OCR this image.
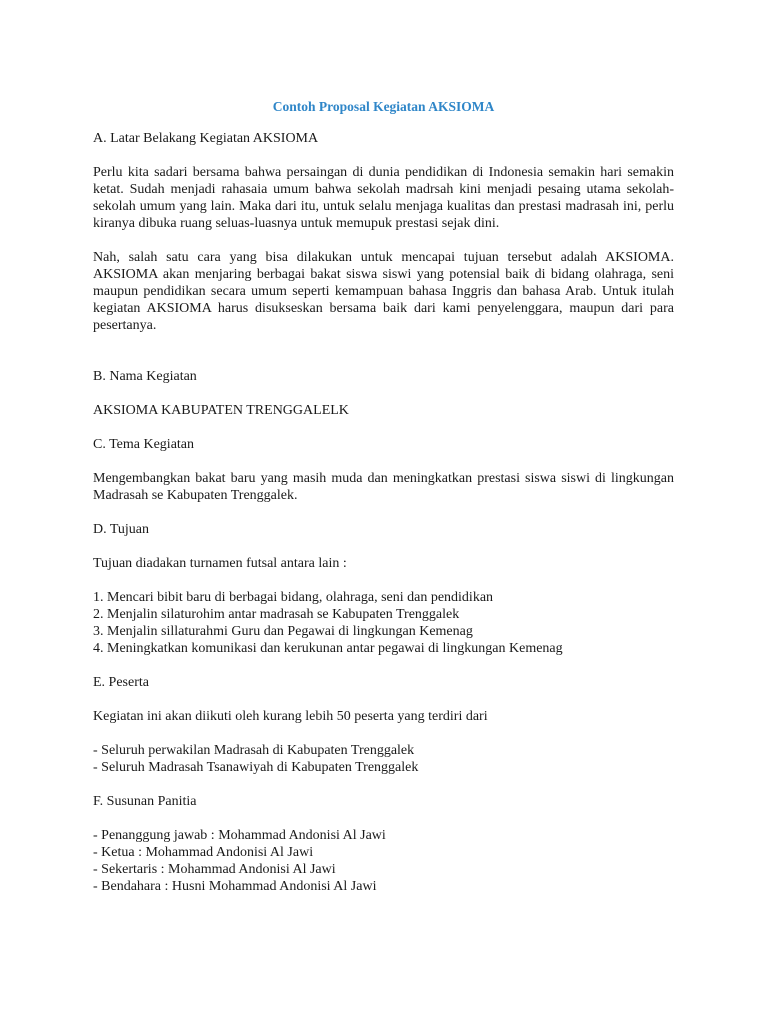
Contoh Proposal Kegiatan AKSIOMA

A. Latar Belakang Kegiatan AKSIOMA

Perlu kita sadari bersama bahwa persaingan di dunia pendidikan di Indonesia semakin hari semakin ketat. Sudah menjadi rahasaia umum bahwa sekolah madrsah kini menjadi pesaing utama sekolah-sekolah umum yang lain. Maka dari itu, untuk selalu menjaga kualitas dan prestasi madrasah ini, perlu kiranya dibuka ruang seluas-luasnya untuk memupuk prestasi sejak dini.

Nah, salah satu cara yang bisa dilakukan untuk mencapai tujuan tersebut adalah AKSIOMA. AKSIOMA akan menjaring berbagai bakat siswa siswi yang potensial baik di bidang olahraga, seni maupun pendidikan secara umum seperti kemampuan bahasa Inggris dan bahasa Arab. Untuk itulah kegiatan AKSIOMA harus disukseskan bersama baik dari kami penyelenggara, maupun dari para pesertanya.

B. Nama Kegiatan

AKSIOMA KABUPATEN TRENGGALELK

C. Tema Kegiatan

Mengembangkan bakat baru yang masih muda dan meningkatkan prestasi siswa siswi di lingkungan Madrasah se Kabupaten Trenggalek.

D. Tujuan

Tujuan diadakan turnamen futsal antara lain :

1. Mencari bibit baru di berbagai bidang, olahraga, seni dan pendidikan
2. Menjalin silaturohim antar madrasah se Kabupaten Trenggalek
3. Menjalin sillaturahmi Guru dan Pegawai di lingkungan Kemenag
4. Meningkatkan komunikasi dan kerukunan antar pegawai di lingkungan Kemenag

E. Peserta

Kegiatan ini akan diikuti oleh kurang lebih 50 peserta yang terdiri dari

- Seluruh perwakilan Madrasah di Kabupaten Trenggalek
- Seluruh Madrasah Tsanawiyah di Kabupaten Trenggalek

F. Susunan Panitia

- Penanggung jawab : Mohammad Andonisi Al Jawi
- Ketua : Mohammad Andonisi Al Jawi
- Sekertaris : Mohammad Andonisi Al Jawi
- Bendahara : Husni Mohammad Andonisi Al Jawi
